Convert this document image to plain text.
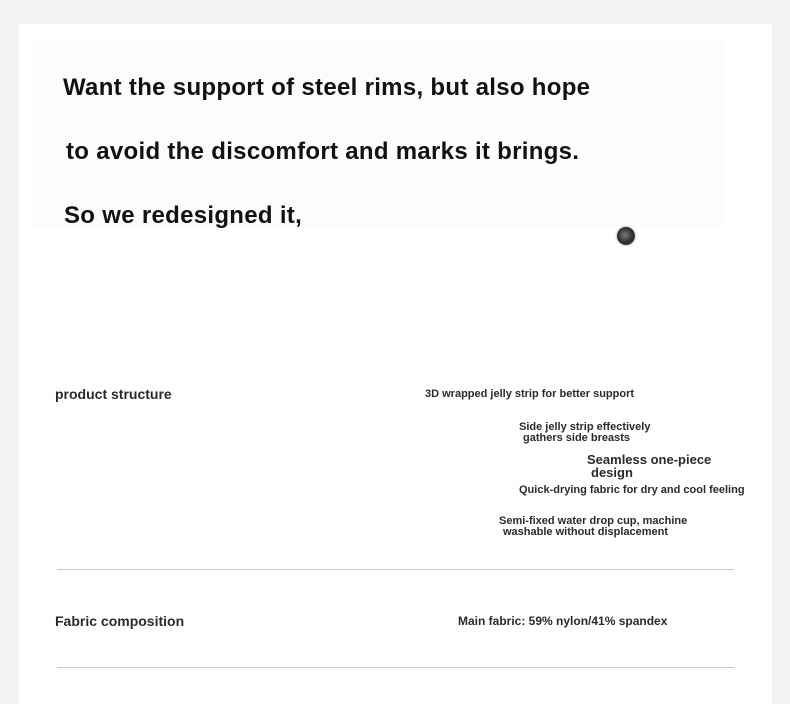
Want the support of steel rims, but also hope
to avoid the discomfort and marks it brings.
So we redesigned it,
product structure	3D wrapped jelly strip for better support
Side jelly strip effectively
gathers side breasts
Seamless one-piece
design
Quick-drying fabric for dry and cool feeling
Semi-fixed water drop cup, machine
washable without displacement
Fabric composition	Main fabric: 59% nylon/41% spandex
